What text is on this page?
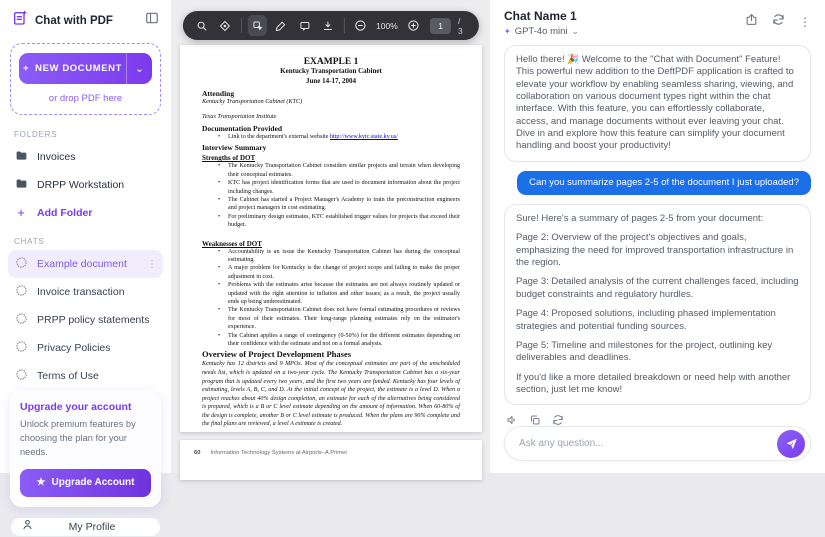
Chat with PDF
+ NEW DOCUMENT ⌄
or drop PDF here
FOLDERS
Invoices
DRPP Workstation
+	Add Folder
CHATS
Example document ⋮
Invoice transaction
PRPP policy statements
Privacy Policies
Terms of Use
Upgrade your account
Unlock premium features by choosing the plan for your needs.
★ Upgrade Account
My Profile
100%	1	/ 3
EXAMPLE 1
Kentucky Transportation Cabinet
June 14-17, 2004
Attending
Kentucky Transportation Cabinet (KTC)
Texas Transportation Institute
Documentation Provided
• Link to the department's external website http://www.kytc.state.ky.us/
Interview Summary
Strengths of DOT
• The Kentucky Transportation Cabinet considers similar projects and terrain when developing their conceptual estimates.
• KTC has project identification forms that are used to document information about the project including changes.
• The Cabinet has started a Project Manager's Academy to train the preconstruction engineers and project managers in cost estimating.
• For preliminary design estimates, KTC established trigger values for projects that exceed their budget.
Weaknesses of DOT
• Accountability is an issue the Kentucky Transportation Cabinet has during the conceptual estimating.
• A major problem for Kentucky is the change of project scope and failing to make the proper adjustment in cost.
• Problems with the estimates arise because the estimates are not always routinely updated or updated with the right attention to inflation and other issues; as a result, the project usually ends up being underestimated.
• The Kentucky Transportation Cabinet does not have formal estimating procedures or reviews for most of their estimates. Their long-range planning estimates rely on the estimator's experience.
• The Cabinet applies a range of contingency (0-50%) for the different estimates depending on their confidence with the estimate and not on a formal analysis.
Overview of Project Development Phases
Kentucky has 12 districts and 9 MPOs. Most of the conceptual estimates are part of the unscheduled needs list, which is updated on a two-year cycle. The Kentucky Transportation Cabinet has a six-year program that is updated every two years, and the first two years are funded. Kentucky has four levels of estimating, levels A, B, C, and D. At the initial concept of the project, the estimate is a level D. When a project reaches about 40% design completion, an estimate for each of the alternatives being considered is prepared, which is a B or C level estimate depending on the amount of information. When 60-80% of the design is complete, another B or C level estimate is produced. When the plans are 90% complete and the final plans are reviewed, a level A estimate is created.
60 Information Technology Systems at Airports–A Primer
Chat Name 1
✦ GPT-4o mini ⌄
⋮

Hello there! 🎉 Welcome to the "Chat with Document" Feature! This powerful new addition to the DeftPDF application is crafted to elevate your workflow by enabling seamless sharing, viewing, and collaboration on various document types right within the chat interface. With this feature, you can effortlessly collaborate, access, and manage documents without ever leaving your chat. Dive in and explore how this feature can simplify your document handling and boost your productivity!

Can you summarize pages 2-5 of the document I just uploaded?

Sure! Here's a summary of pages 2-5 from your document:

Page 2: Overview of the project's objectives and goals, emphasizing the need for improved transportation infrastructure in the region.

Page 3: Detailed analysis of the current challenges faced, including budget constraints and regulatory hurdles.

Page 4: Proposed solutions, including phased implementation strategies and potential funding sources.

Page 5: Timeline and milestones for the project, outlining key deliverables and deadlines.

If you'd like a more detailed breakdown or need help with another section, just let me know!

Ask any question...
